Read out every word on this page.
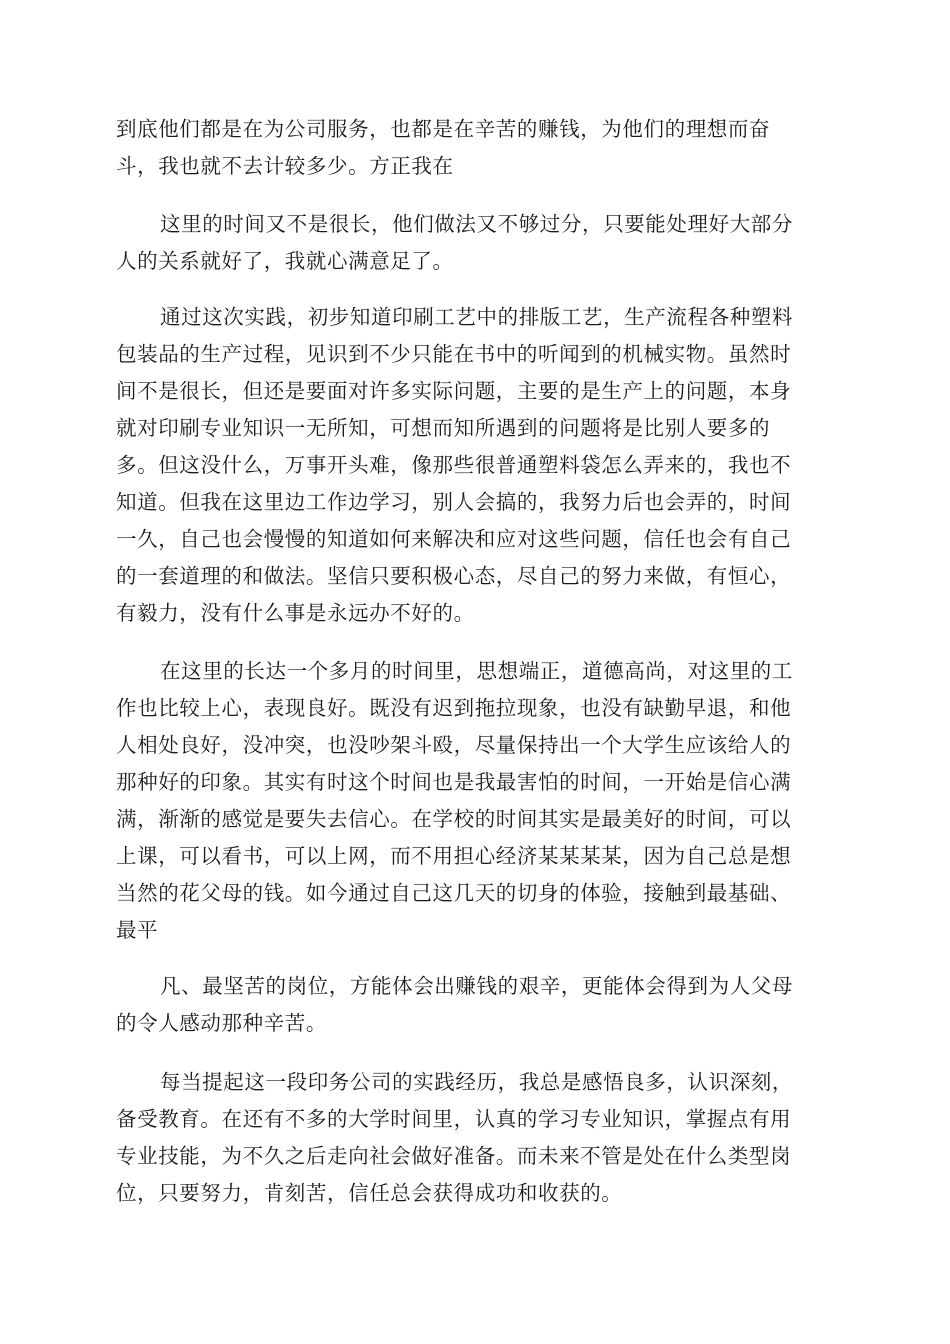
到底他们都是在为公司服务，也都是在辛苦的赚钱，为他们的理想而奋
斗，我也就不去计较多少。方正我在
这里的时间又不是很长，他们做法又不够过分，只要能处理好大部分
人的关系就好了，我就心满意足了。
通过这次实践，初步知道印刷工艺中的排版工艺，生产流程各种塑料
包装品的生产过程，见识到不少只能在书中的听闻到的机械实物。虽然时
间不是很长，但还是要面对许多实际问题，主要的是生产上的问题，本身
就对印刷专业知识一无所知，可想而知所遇到的问题将是比别人要多的
多。但这没什么，万事开头难，像那些很普通塑料袋怎么弄来的，我也不
知道。但我在这里边工作边学习，别人会搞的，我努力后也会弄的，时间
一久，自己也会慢慢的知道如何来解决和应对这些问题，信任也会有自己
的一套道理的和做法。坚信只要积极心态，尽自己的努力来做，有恒心，
有毅力，没有什么事是永远办不好的。
在这里的长达一个多月的时间里，思想端正，道德高尚，对这里的工
作也比较上心，表现良好。既没有迟到拖拉现象，也没有缺勤早退，和他
人相处良好，没冲突，也没吵架斗殴，尽量保持出一个大学生应该给人的
那种好的印象。其实有时这个时间也是我最害怕的时间，一开始是信心满
满，渐渐的感觉是要失去信心。在学校的时间其实是最美好的时间，可以
上课，可以看书，可以上网，而不用担心经济某某某某，因为自己总是想
当然的花父母的钱。如今通过自己这几天的切身的体验，接触到最基础、
最平
凡、最坚苦的岗位，方能体会出赚钱的艰辛，更能体会得到为人父母
的令人感动那种辛苦。
每当提起这一段印务公司的实践经历，我总是感悟良多，认识深刻，
备受教育。在还有不多的大学时间里，认真的学习专业知识，掌握点有用
专业技能，为不久之后走向社会做好准备。而未来不管是处在什么类型岗
位，只要努力，肯刻苦，信任总会获得成功和收获的。
